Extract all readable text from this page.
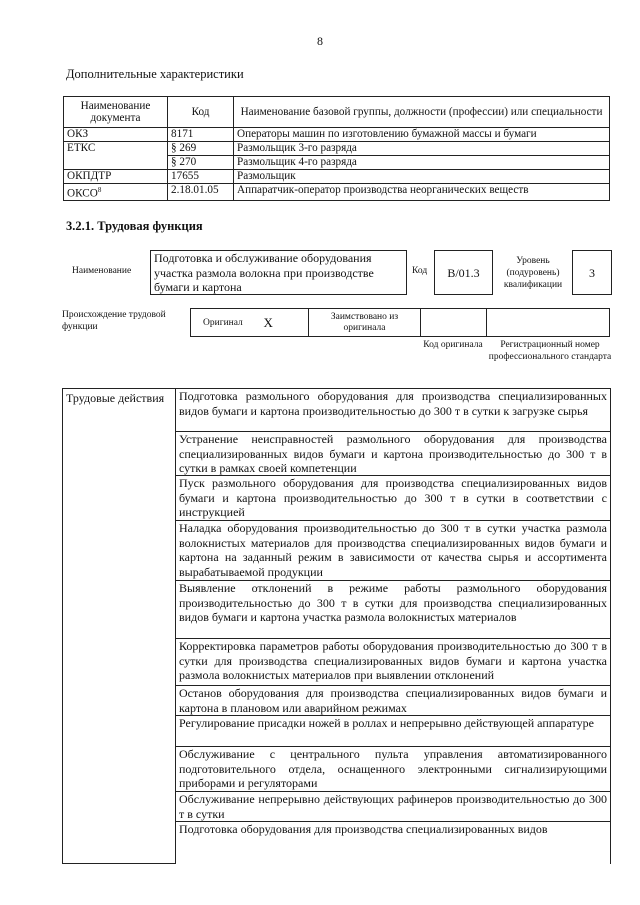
8
Дополнительные характеристики
Наименование документа	Код	Наименование базовой группы, должности (профессии) или специальности
ОКЗ	8171	Операторы машин по изготовлению бумажной массы и бумаги
ЕТКС	§ 269	Размольщик 3-го разряда
	§ 270	Размольщик 4-го разряда
ОКПДТР	17655	Размольщик
ОКСО$^8$	2.18.01.05	Аппаратчик-оператор производства неорганических веществ
3.2.1. Трудовая функция
Наименование
Подготовка и обслуживание оборудования участка размола волокна при производстве бумаги и картона
Код	В/01.3
Уровень (подуровень) квалификации
3
Происхождение трудовой функции	Оригинал	X	Заимствовано из оригинала		
Код оригинала	Регистрационный номер профессионального стандарта
Трудовые действия	Подготовка размольного оборудования для производства специализированных видов бумаги и картона производительностью до 300 т в сутки к загрузке сырья
Устранение неисправностей размольного оборудования для производства специализированных видов бумаги и картона производительностью до 300 т в сутки в рамках своей компетенции
Пуск размольного оборудования для производства специализированных видов бумаги и картона производительностью до 300 т в сутки в соответствии с инструкцией
Наладка оборудования производительностью до 300 т в сутки участка размола волокнистых материалов для производства специализированных видов бумаги и картона на заданный режим в зависимости от качества сырья и ассортимента вырабатываемой продукции
Выявление отклонений в режиме работы размольного оборудования производительностью до 300 т в сутки для производства специализированных видов бумаги и картона участка размола волокнистых материалов
Корректировка параметров работы оборудования производительностью до 300 т в сутки для производства специализированных видов бумаги и картона участка размола волокнистых материалов при выявлении отклонений
Останов оборудования для производства специализированных видов бумаги и картона в плановом или аварийном режимах
Регулирование присадки ножей в роллах и непрерывно действующей аппаратуре
Обслуживание с центрального пульта управления автоматизированного подготовительного отдела, оснащенного электронными сигнализирующими приборами и регуляторами
Обслуживание непрерывно действующих рафинеров производительностью до 300 т в сутки
Подготовка оборудования для производства специализированных видов
